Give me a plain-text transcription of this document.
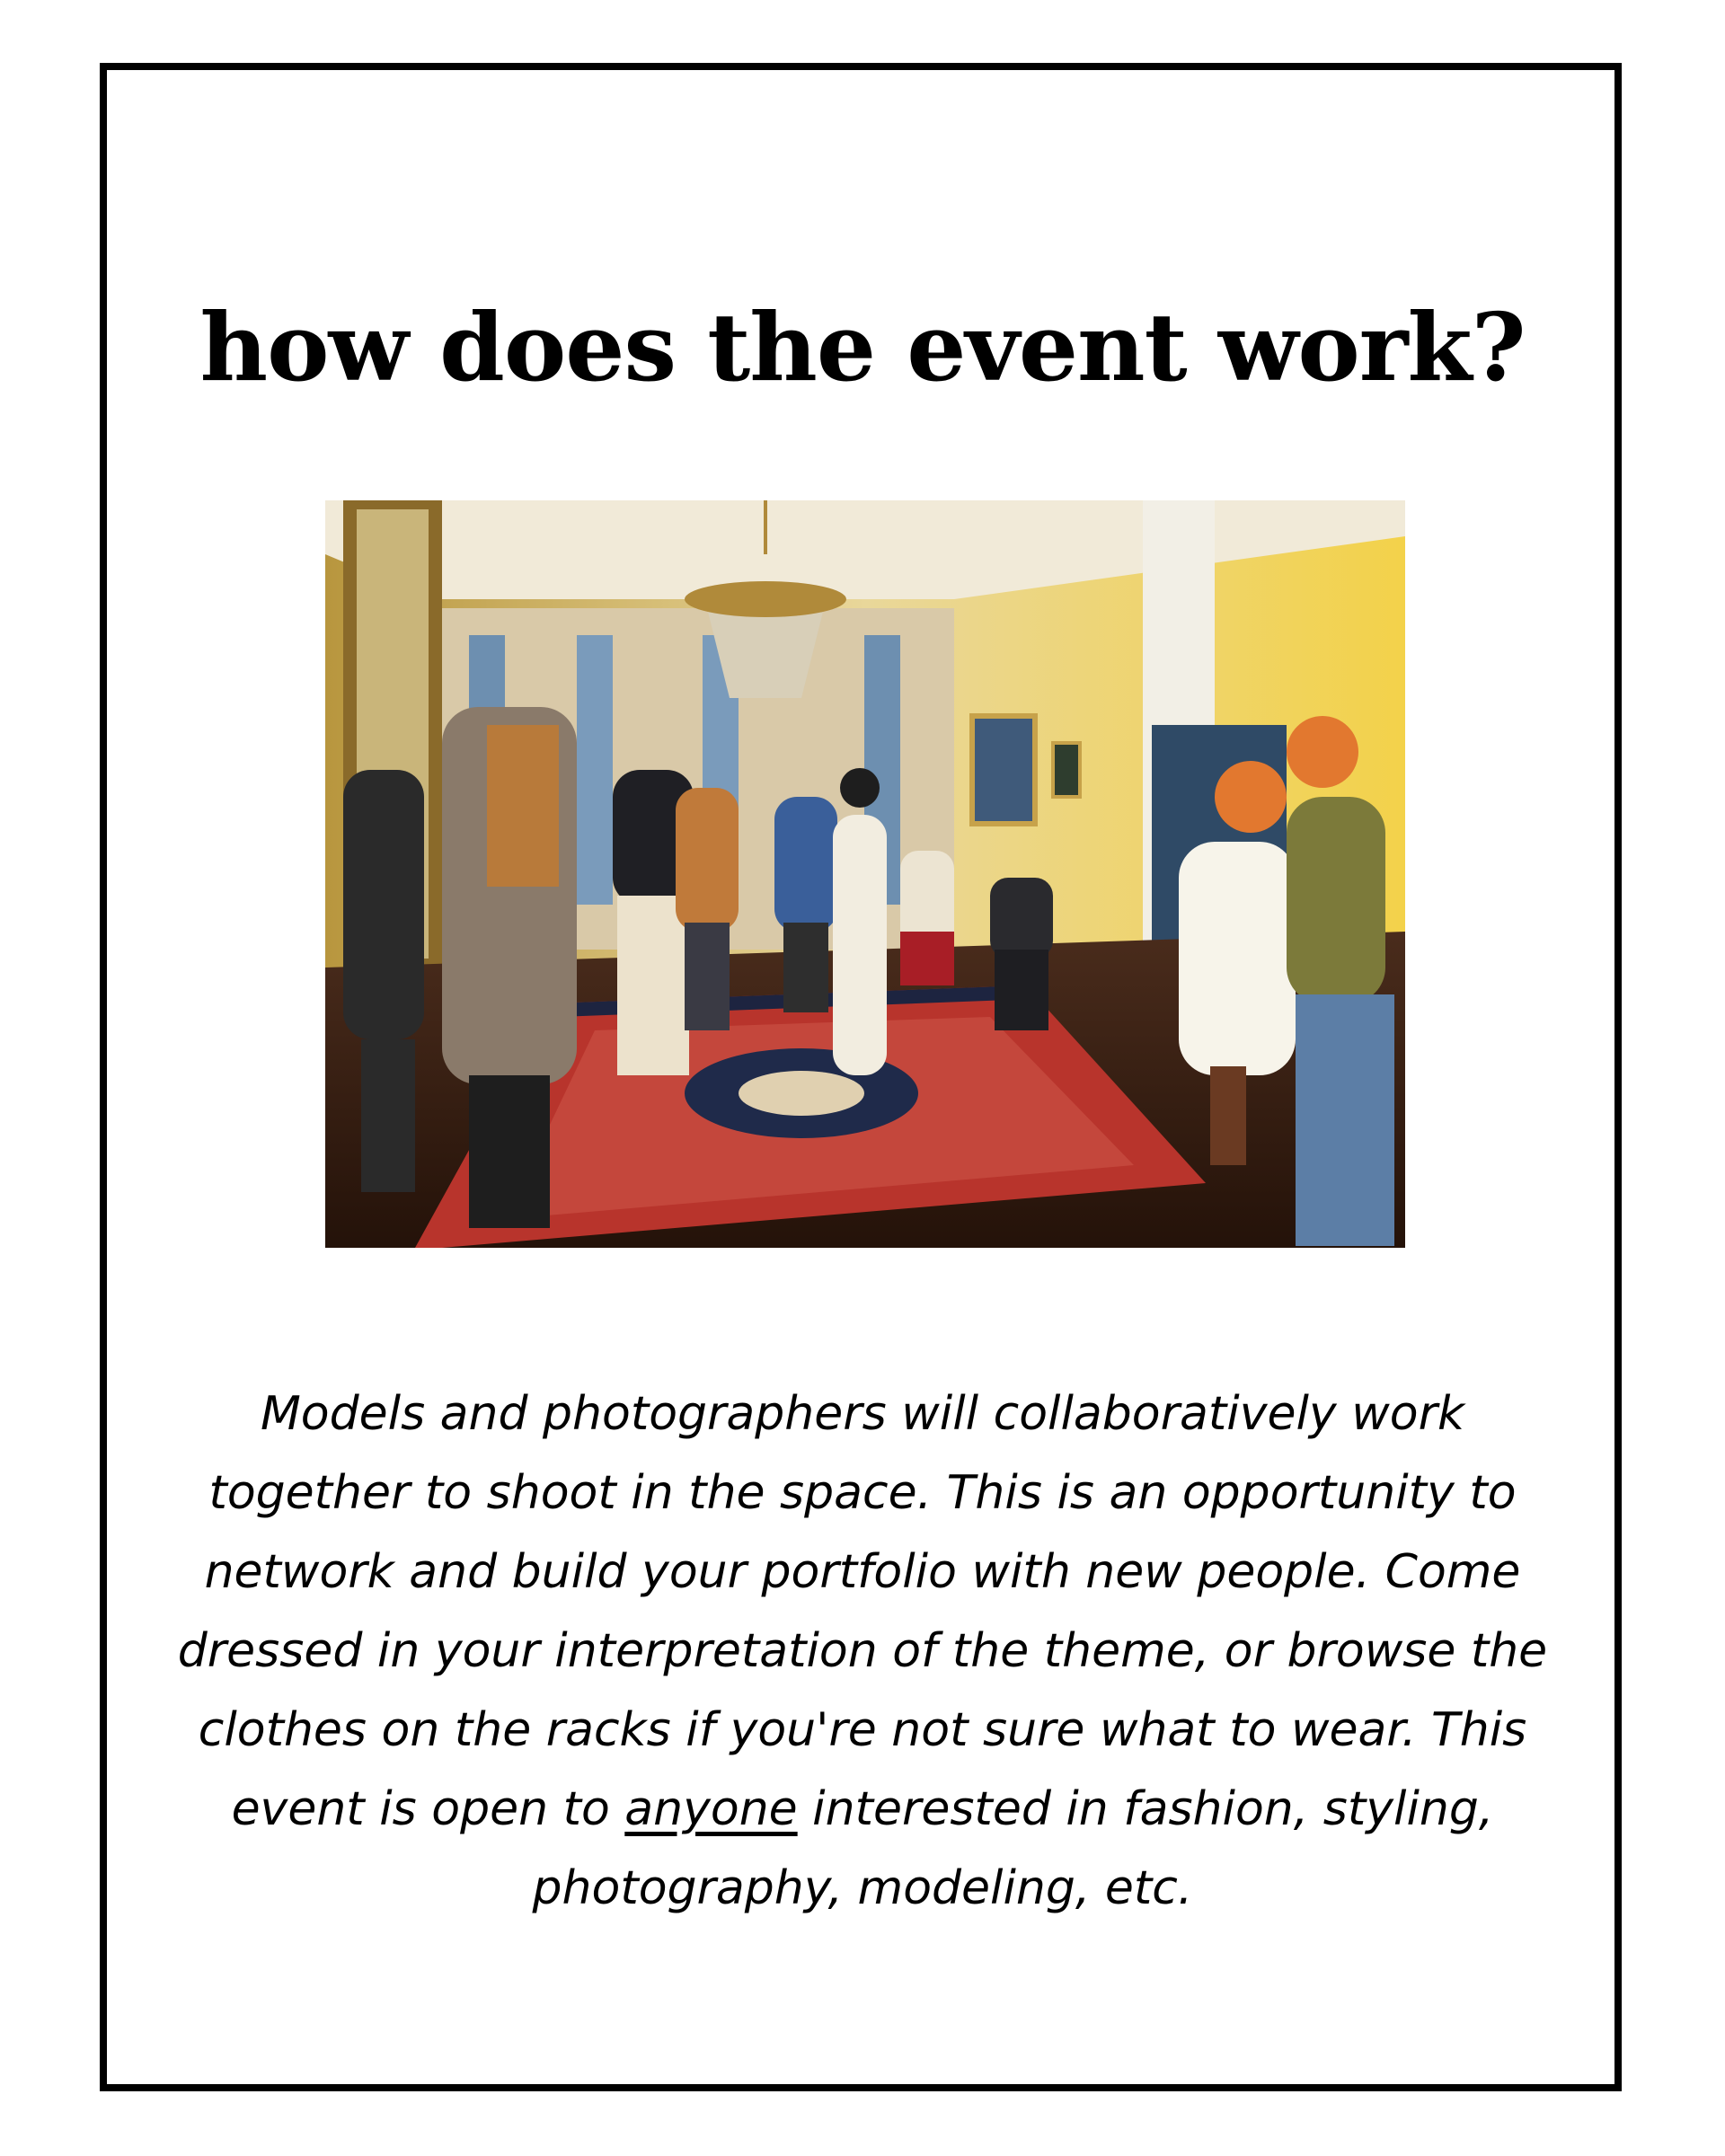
how does the event work?

Models and photographers will collaboratively work together to shoot in the space. This is an opportunity to network and build your portfolio with new people. Come dressed in your interpretation of the theme, or browse the clothes on the racks if you're not sure what to wear. This event is open to anyone interested in fashion, styling, photography, modeling, etc.
